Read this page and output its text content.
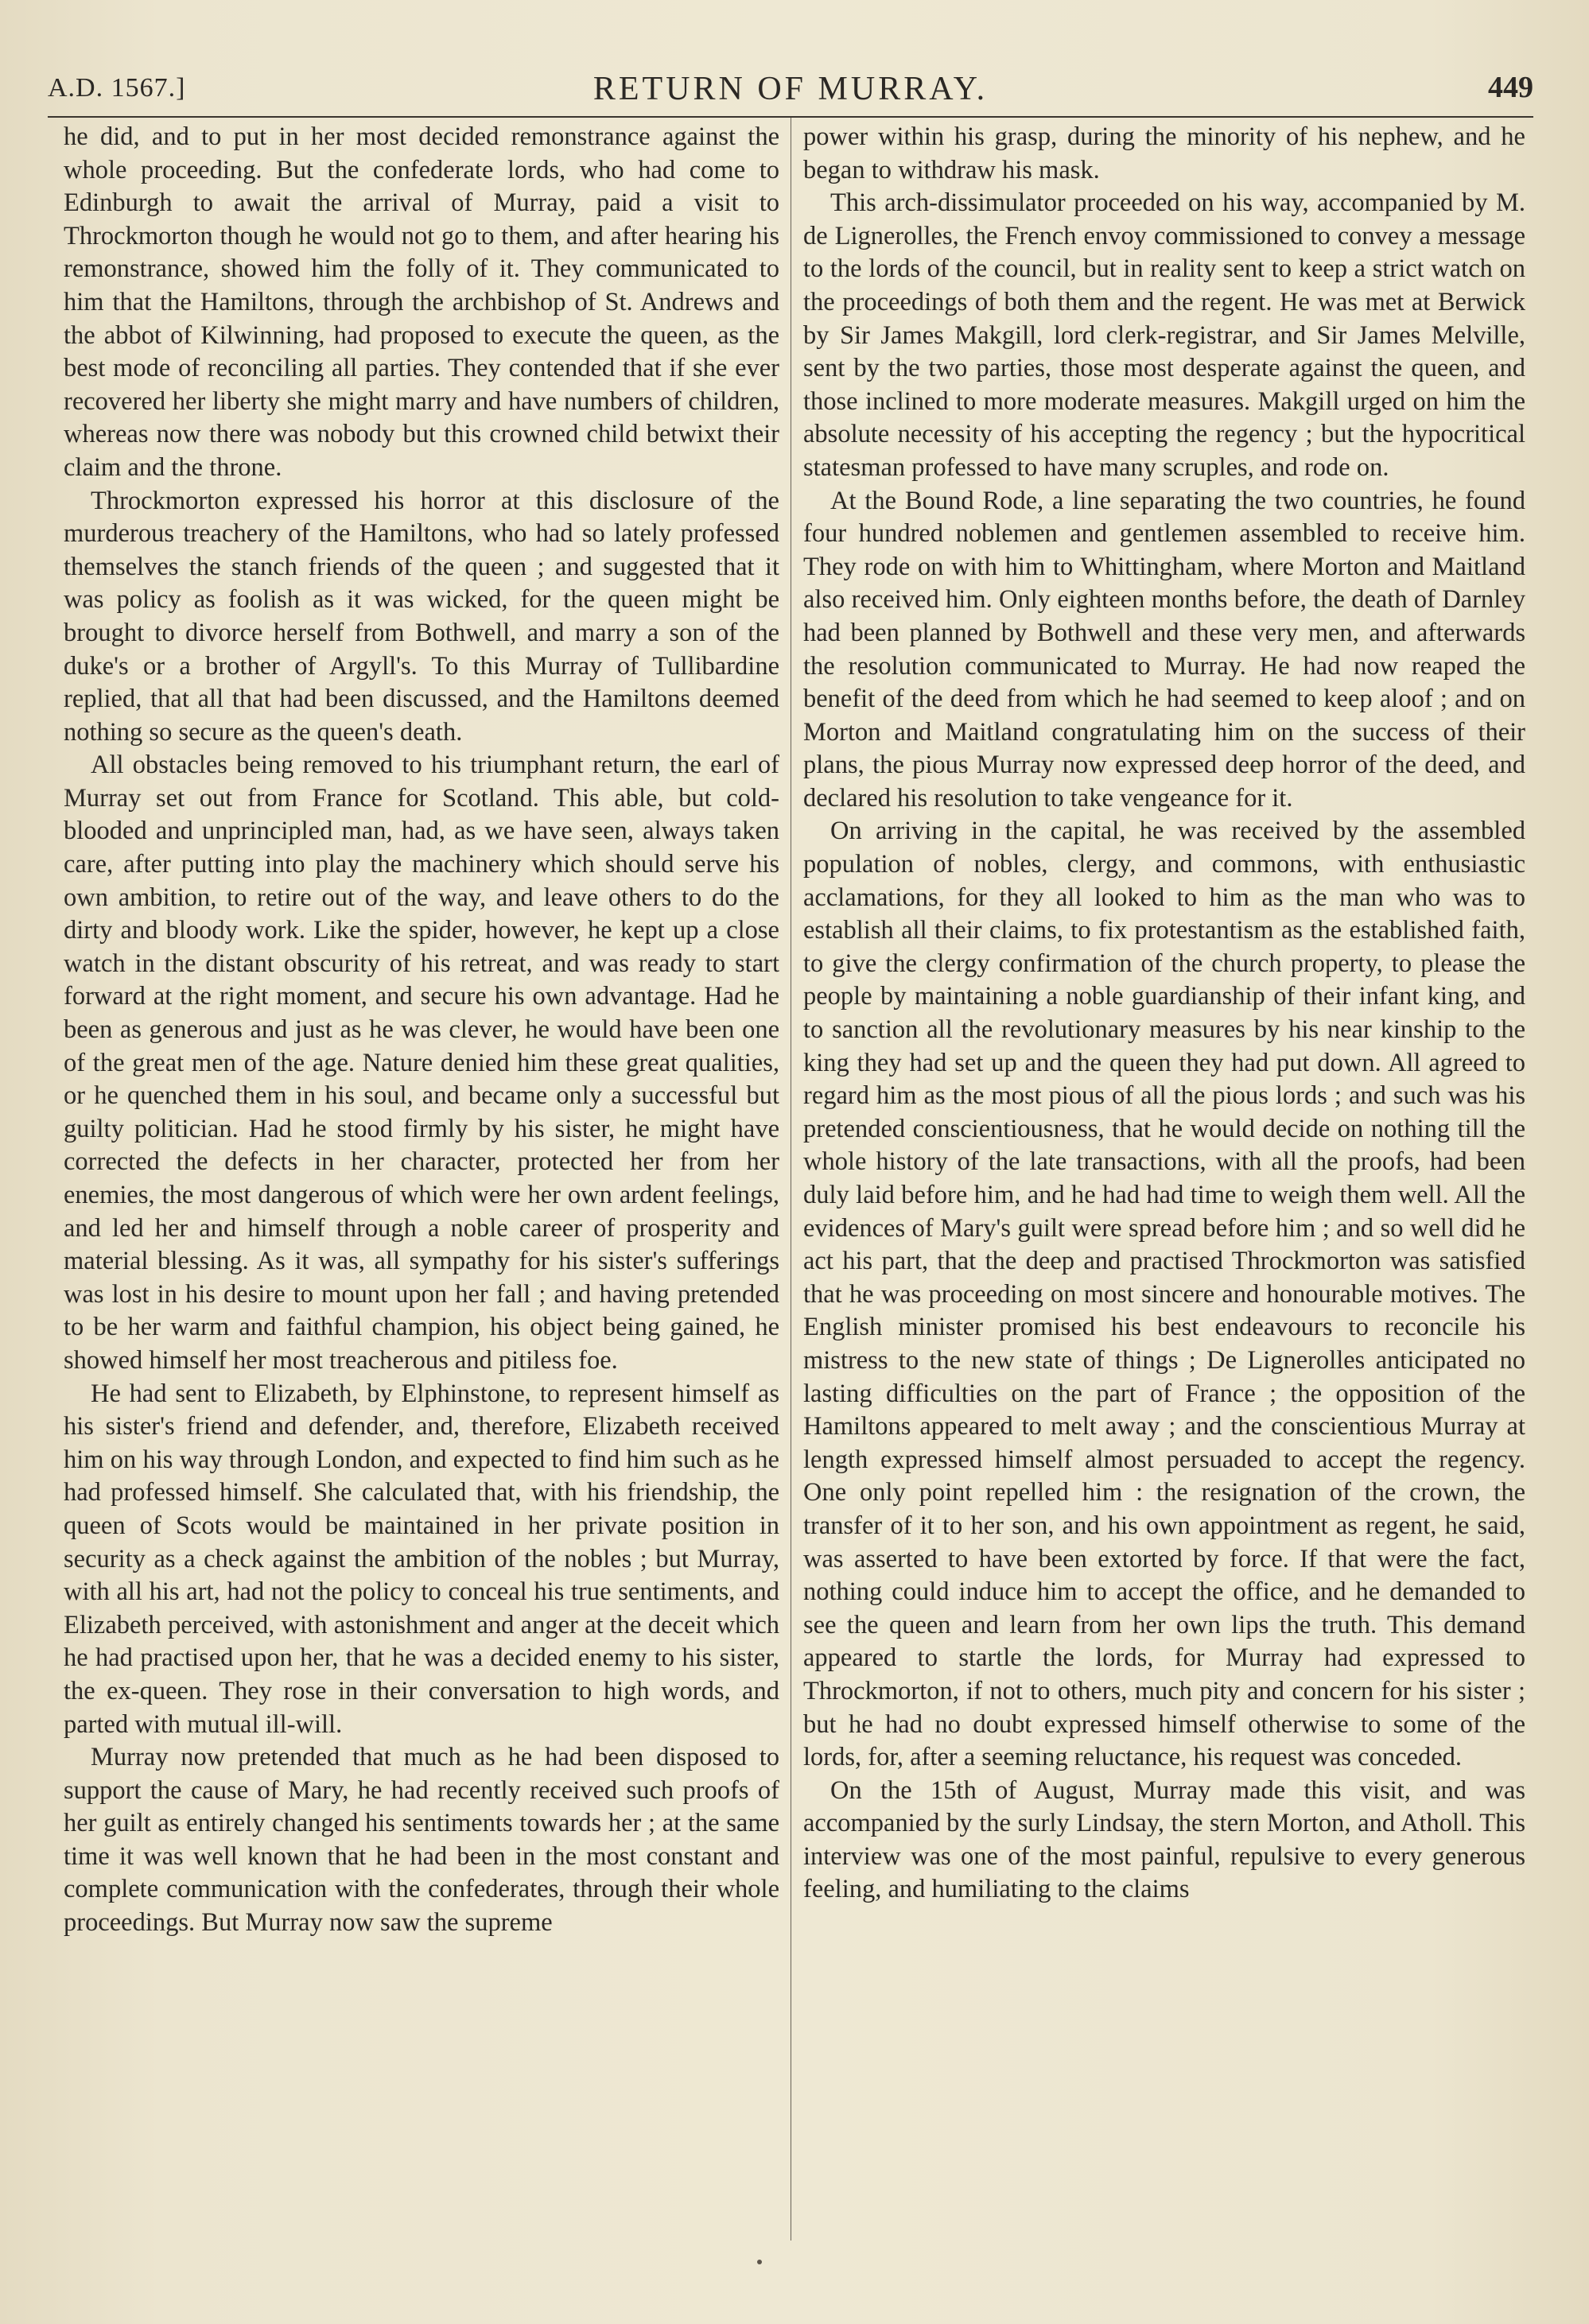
A.D. 1567.]	RETURN OF MURRAY.	449

he did, and to put in her most decided remonstrance against the whole proceeding. But the confederate lords, who had come to Edinburgh to await the arrival of Murray, paid a visit to Throckmorton though he would not go to them, and after hearing his remonstrance, showed him the folly of it. They communicated to him that the Hamiltons, through the archbishop of St. Andrews and the abbot of Kilwinning, had proposed to execute the queen, as the best mode of reconciling all parties. They contended that if she ever recovered her liberty she might marry and have numbers of children, whereas now there was nobody but this crowned child betwixt their claim and the throne.

Throckmorton expressed his horror at this disclosure of the murderous treachery of the Hamiltons, who had so lately professed themselves the stanch friends of the queen ; and suggested that it was policy as foolish as it was wicked, for the queen might be brought to divorce herself from Bothwell, and marry a son of the duke's or a brother of Argyll's. To this Murray of Tullibardine replied, that all that had been discussed, and the Hamiltons deemed nothing so secure as the queen's death.

All obstacles being removed to his triumphant return, the earl of Murray set out from France for Scotland. This able, but cold-blooded and unprincipled man, had, as we have seen, always taken care, after putting into play the machinery which should serve his own ambition, to retire out of the way, and leave others to do the dirty and bloody work. Like the spider, however, he kept up a close watch in the distant obscurity of his retreat, and was ready to start forward at the right moment, and secure his own advantage. Had he been as generous and just as he was clever, he would have been one of the great men of the age. Nature denied him these great qualities, or he quenched them in his soul, and became only a successful but guilty politician. Had he stood firmly by his sister, he might have corrected the defects in her character, protected her from her enemies, the most dangerous of which were her own ardent feelings, and led her and himself through a noble career of prosperity and material blessing. As it was, all sympathy for his sister's sufferings was lost in his desire to mount upon her fall ; and having pretended to be her warm and faithful champion, his object being gained, he showed himself her most treacherous and pitiless foe.

He had sent to Elizabeth, by Elphinstone, to represent himself as his sister's friend and defender, and, therefore, Elizabeth received him on his way through London, and expected to find him such as he had professed himself. She calculated that, with his friendship, the queen of Scots would be maintained in her private position in security as a check against the ambition of the nobles ; but Murray, with all his art, had not the policy to conceal his true sentiments, and Elizabeth perceived, with astonishment and anger at the deceit which he had practised upon her, that he was a decided enemy to his sister, the ex-queen. They rose in their conversation to high words, and parted with mutual ill-will.

Murray now pretended that much as he had been disposed to support the cause of Mary, he had recently received such proofs of her guilt as entirely changed his sentiments towards her ; at the same time it was well known that he had been in the most constant and complete communication with the confederates, through their whole proceedings. But Murray now saw the supreme

power within his grasp, during the minority of his nephew, and he began to withdraw his mask.

This arch-dissimulator proceeded on his way, accompanied by M. de Lignerolles, the French envoy commissioned to convey a message to the lords of the council, but in reality sent to keep a strict watch on the proceedings of both them and the regent. He was met at Berwick by Sir James Makgill, lord clerk-registrar, and Sir James Melville, sent by the two parties, those most desperate against the queen, and those inclined to more moderate measures. Makgill urged on him the absolute necessity of his accepting the regency ; but the hypocritical statesman professed to have many scruples, and rode on.

At the Bound Rode, a line separating the two countries, he found four hundred noblemen and gentlemen assembled to receive him. They rode on with him to Whittingham, where Morton and Maitland also received him. Only eighteen months before, the death of Darnley had been planned by Bothwell and these very men, and afterwards the resolution communicated to Murray. He had now reaped the benefit of the deed from which he had seemed to keep aloof ; and on Morton and Maitland congratulating him on the success of their plans, the pious Murray now expressed deep horror of the deed, and declared his resolution to take vengeance for it.

On arriving in the capital, he was received by the assembled population of nobles, clergy, and commons, with enthusiastic acclamations, for they all looked to him as the man who was to establish all their claims, to fix protestantism as the established faith, to give the clergy confirmation of the church property, to please the people by maintaining a noble guardianship of their infant king, and to sanction all the revolutionary measures by his near kinship to the king they had set up and the queen they had put down. All agreed to regard him as the most pious of all the pious lords ; and such was his pretended conscientiousness, that he would decide on nothing till the whole history of the late transactions, with all the proofs, had been duly laid before him, and he had had time to weigh them well. All the evidences of Mary's guilt were spread before him ; and so well did he act his part, that the deep and practised Throckmorton was satisfied that he was proceeding on most sincere and honourable motives. The English minister promised his best endeavours to reconcile his mistress to the new state of things ; De Lignerolles anticipated no lasting difficulties on the part of France ; the opposition of the Hamiltons appeared to melt away ; and the conscientious Murray at length expressed himself almost persuaded to accept the regency. One only point repelled him : the resignation of the crown, the transfer of it to her son, and his own appointment as regent, he said, was asserted to have been extorted by force. If that were the fact, nothing could induce him to accept the office, and he demanded to see the queen and learn from her own lips the truth. This demand appeared to startle the lords, for Murray had expressed to Throckmorton, if not to others, much pity and concern for his sister ; but he had no doubt expressed himself otherwise to some of the lords, for, after a seeming reluctance, his request was conceded.

On the 15th of August, Murray made this visit, and was accompanied by the surly Lindsay, the stern Morton, and Atholl. This interview was one of the most painful, repulsive to every generous feeling, and humiliating to the claims
